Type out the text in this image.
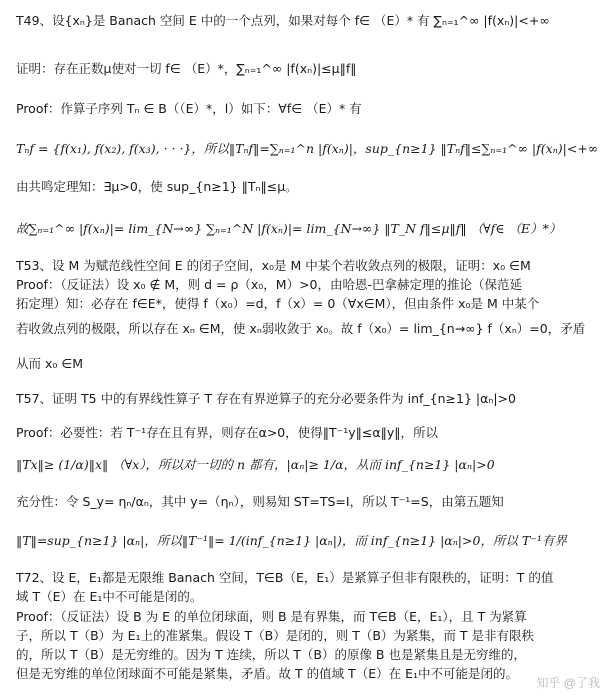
T49、设{xₙ}是 Banach 空间 E 中的一个点列，如果对每个 f∈ （E）* 有 ∑ₙ₌₁^∞ |f(xₙ)|<+∞
证明：存在正数μ使对一切 f∈ （E）*，∑ₙ₌₁^∞ |f(xₙ)|≤μ‖f‖
Proof：作算子序列 Tₙ ∈ B（（E）*，l）如下：∀f∈ （E）* 有
Tₙf = {f(x₁), f(x₂), f(x₃), · · ·}，所以‖Tₙf‖=∑ₙ₌₁^n |f(xₙ)|，sup_{n≥1} ‖Tₙf‖≤∑ₙ₌₁^∞ |f(xₙ)|<+∞
由共鸣定理知：∃μ>0，使 sup_{n≥1} ‖Tₙ‖≤μ。
故∑ₙ₌₁^∞ |f(xₙ)|= lim_{N→∞} ∑ₙ₌₁^N |f(xₙ)|= lim_{N→∞} ‖T_N f‖≤μ‖f‖ （∀f∈ （E）*）
T53、设 M 为赋范线性空间 E 的闭子空间，x₀是 M 中某个若收敛点列的极限，证明：x₀ ∈M
Proof：（反证法）设 x₀ ∉ M，则 d = ρ（x₀，M）>0，由哈恩-巴拿赫定理的推论（保范延
拓定理）知：必存在 f∈E*，使得 f（x₀）=d，f（x）= 0（∀x∈M），但由条件 x₀是 M 中某个
若收敛点列的极限，所以存在 xₙ ∈M，使 xₙ弱收敛于 x₀。故 f（x₀）= lim_{n→∞} f（xₙ）=0，矛盾
从而 x₀ ∈M
T57、证明 T5 中的有界线性算子 T 存在有界逆算子的充分必要条件为 inf_{n≥1} |αₙ|>0
Proof：必要性：若 T⁻¹存在且有界，则存在α>0，使得‖T⁻¹y‖≤α‖y‖，所以
‖Tx‖≥ (1/α)‖x‖ （∀x），所以对一切的 n 都有，|αₙ|≥ 1/α，从而 inf_{n≥1} |αₙ|>0
充分性：令 S_y= ηₙ/αₙ，其中 y=（ηₙ），则易知 ST=TS=I，所以 T⁻¹=S，由第五题知
‖T‖=sup_{n≥1} |αₙ|，所以‖T⁻¹‖= 1/(inf_{n≥1} |αₙ|)，而 inf_{n≥1} |αₙ|>0，所以 T⁻¹有界
T72、设 E，E₁都是无限维 Banach 空间，T∈B（E，E₁）是紧算子但非有限秩的，证明：T 的值
域 T（E）在 E₁中不可能是闭的。
Proof：（反证法）设 B 为 E 的单位闭球面，则 B 是有界集，而 T∈B（E，E₁），且 T 为紧算
子，所以 T（B）为 E₁上的准紧集。假设 T（B）是闭的，则 T（B）为紧集，而 T 是非有限秩
的，所以 T（B）是无穷维的。因为 T 连续，所以 T（B）的原像 B 也是紧集且是无穷维的，
但是无穷维的单位闭球面不可能是紧集，矛盾。故 T 的值域 T（E）在 E₁中不可能是闭的。
知乎 @了我
